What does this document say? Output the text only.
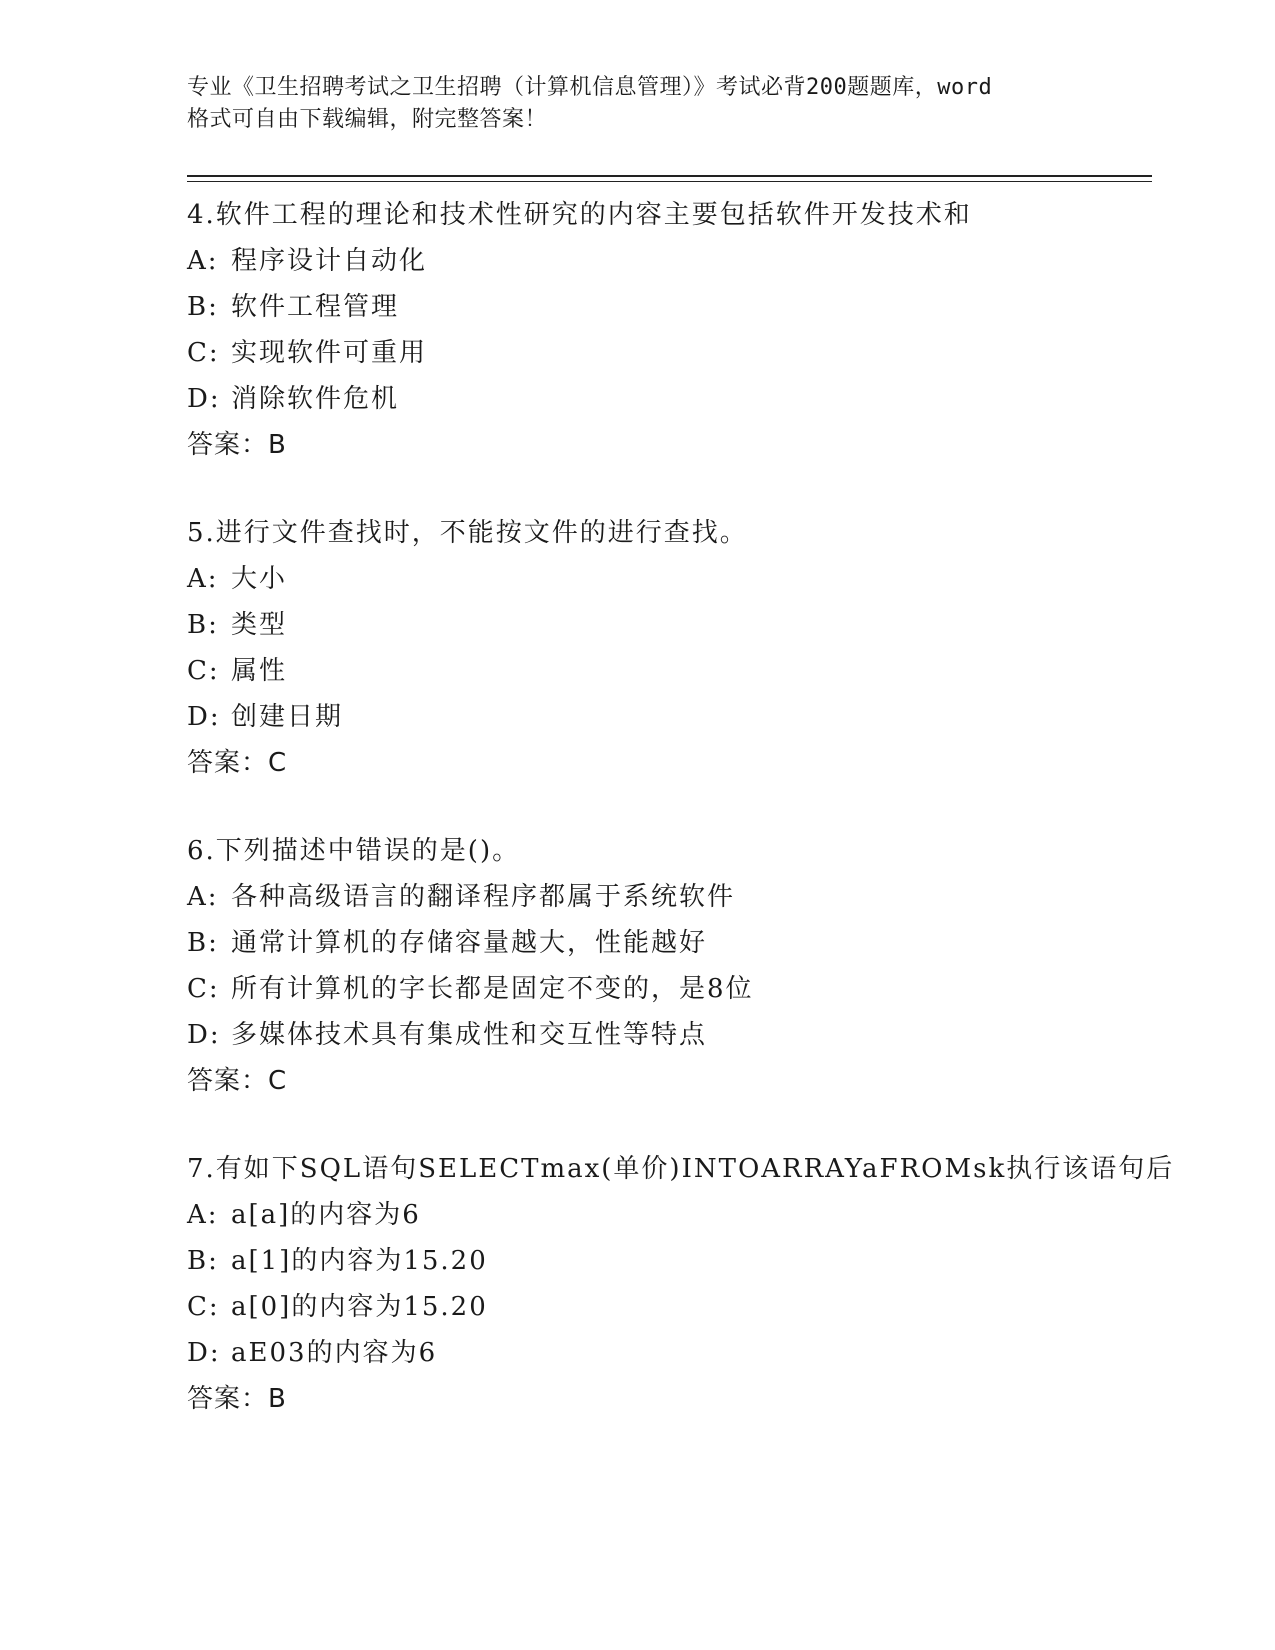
专业《卫生招聘考试之卫生招聘（计算机信息管理）》考试必背200题题库，word
格式可自由下载编辑，附完整答案！
4.软件工程的理论和技术性研究的内容主要包括软件开发技术和
A: 程序设计自动化
B: 软件工程管理
C: 实现软件可重用
D: 消除软件危机
答案：B
5.进行文件查找时，不能按文件的进行查找。
A: 大小
B: 类型
C: 属性
D: 创建日期
答案：C
6.下列描述中错误的是()。
A: 各种高级语言的翻译程序都属于系统软件
B: 通常计算机的存储容量越大，性能越好
C: 所有计算机的字长都是固定不变的，是8位
D: 多媒体技术具有集成性和交互性等特点
答案：C
7.有如下SQL语句SELECTmax(单价)INTOARRAYaFROMsk执行该语句后
A: a[a]的内容为6
B: a[1]的内容为15.20
C: a[0]的内容为15.20
D: aE03的内容为6
答案：B
